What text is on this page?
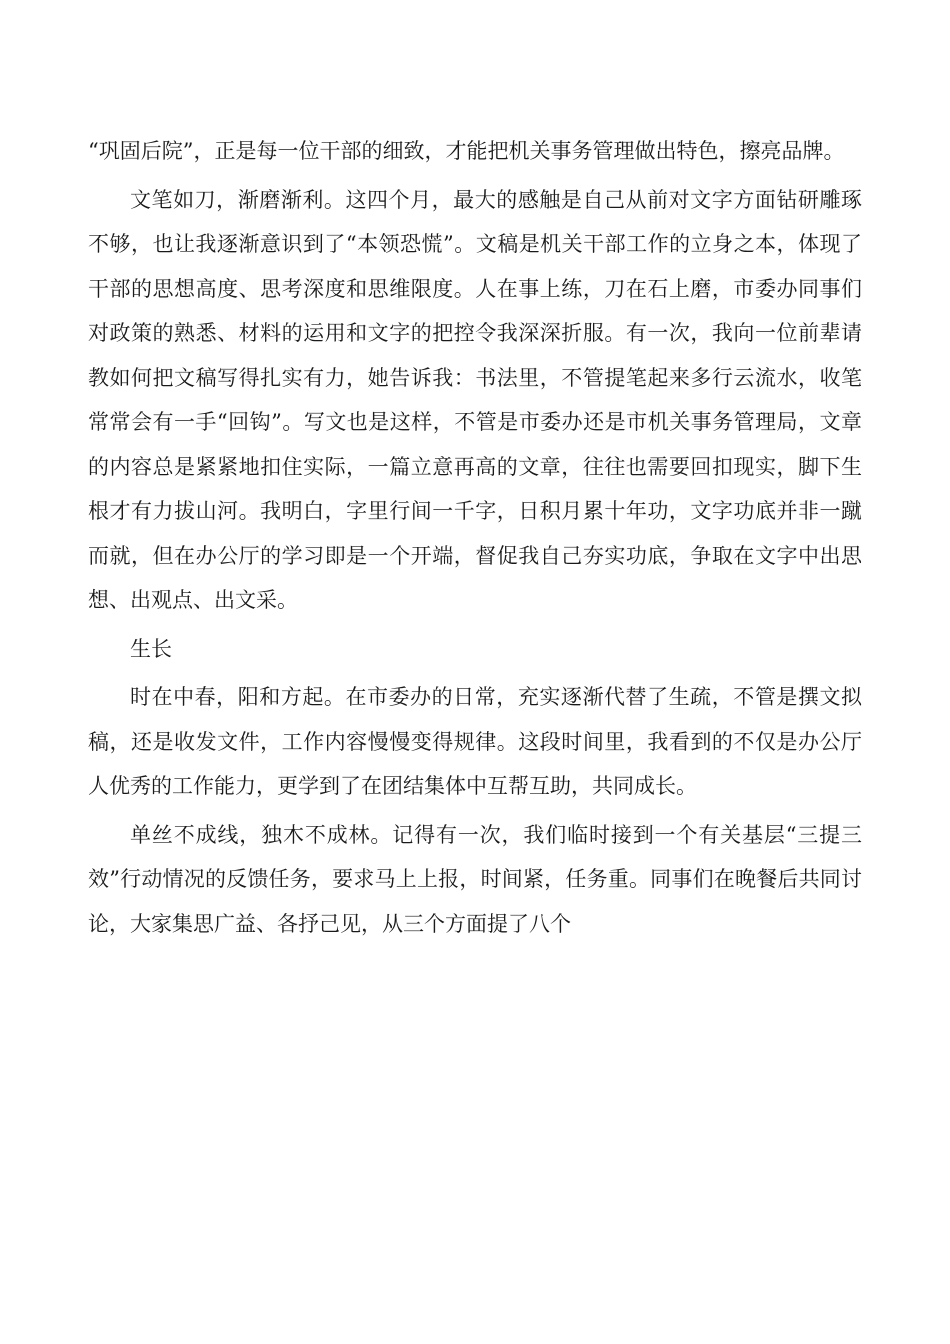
“巩固后院”，正是每一位干部的细致，才能把机关事务管理做出特色，擦亮品牌。

文笔如刀，渐磨渐利。这四个月，最大的感触是自己从前对文字方面钻研雕琢不够，也让我逐渐意识到了“本领恐慌”。文稿是机关干部工作的立身之本，体现了干部的思想高度、思考深度和思维限度。人在事上练，刀在石上磨，市委办同事们对政策的熟悉、材料的运用和文字的把控令我深深折服。有一次，我向一位前辈请教如何把文稿写得扎实有力，她告诉我：书法里，不管提笔起来多行云流水，收笔常常会有一手“回钩”。写文也是这样，不管是市委办还是市机关事务管理局，文章的内容总是紧紧地扣住实际，一篇立意再高的文章，往往也需要回扣现实，脚下生根才有力拔山河。我明白，字里行间一千字，日积月累十年功，文字功底并非一蹴而就，但在办公厅的学习即是一个开端，督促我自己夯实功底，争取在文字中出思想、出观点、出文采。

生长

时在中春，阳和方起。在市委办的日常，充实逐渐代替了生疏，不管是撰文拟稿，还是收发文件，工作内容慢慢变得规律。这段时间里，我看到的不仅是办公厅人优秀的工作能力，更学到了在团结集体中互帮互助，共同成长。

单丝不成线，独木不成林。记得有一次，我们临时接到一个有关基层“三提三效”行动情况的反馈任务，要求马上上报，时间紧，任务重。同事们在晚餐后共同讨论，大家集思广益、各抒己见，从三个方面提了八个
